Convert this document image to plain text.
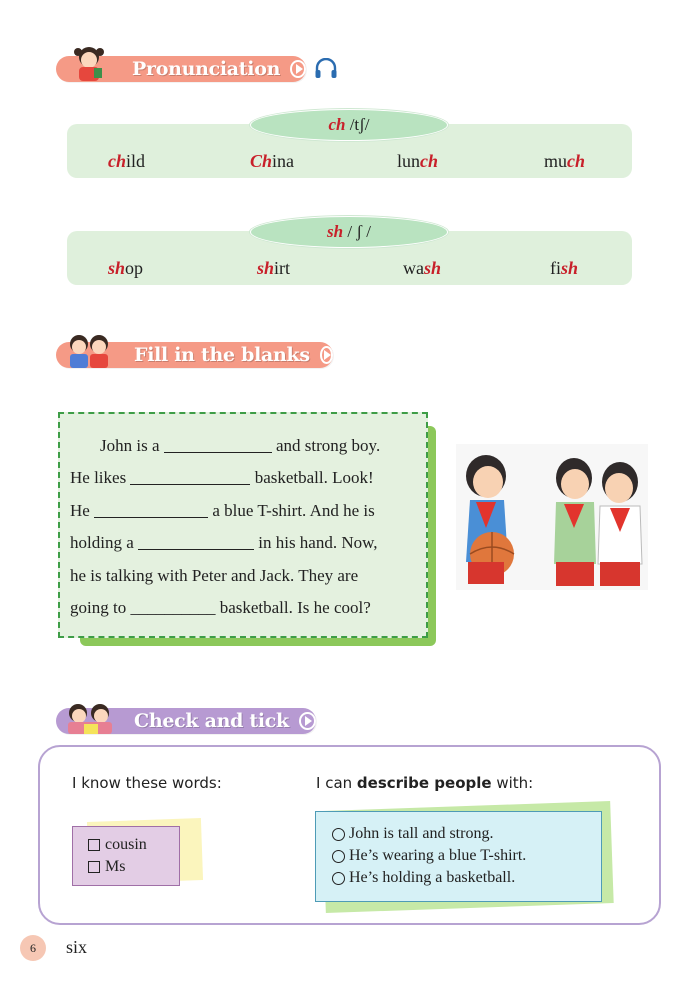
Pronunciation
ch
/tʃ/
child	China	lunch	much
sh
/ ʃ /
shop	shirt	wash	fish
Fill in the blanks
John is a	and strong boy.
He likes	basketball. Look!
He	a blue T-shirt. And he is
holding a	in his hand. Now,
he is talking with Peter and Jack. They are
going to __________ basketball. Is he cool?
Check and tick
I know these words:	I can describe people with:
cousin
Ms
John is tall and strong.
He’s wearing a blue T-shirt.
He’s holding a basketball.
6	six
